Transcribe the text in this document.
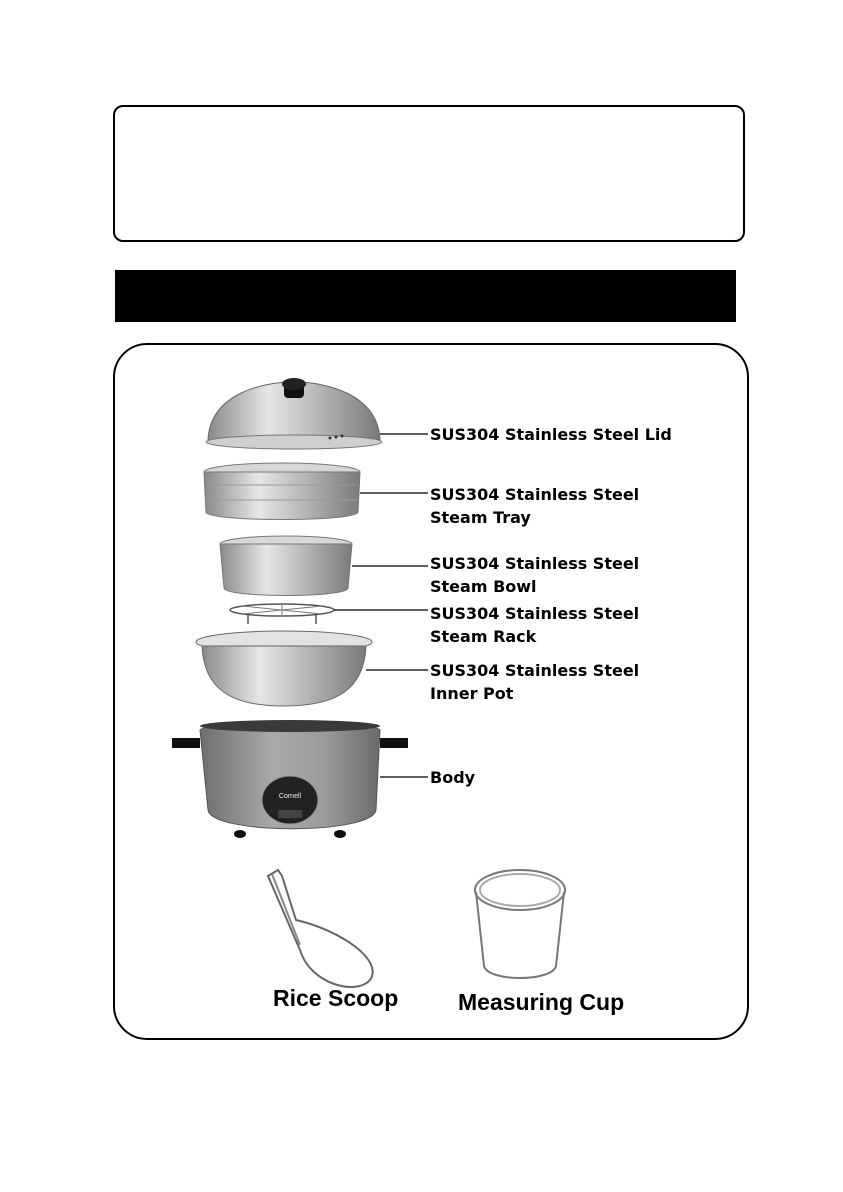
Cornell
SUS304 Stainless Steel Lid
SUS304 Stainless Steel
Steam Tray
SUS304 Stainless Steel
Steam Bowl
SUS304 Stainless Steel
Steam Rack
SUS304 Stainless Steel
Inner Pot
Body
Rice Scoop	Measuring Cup
